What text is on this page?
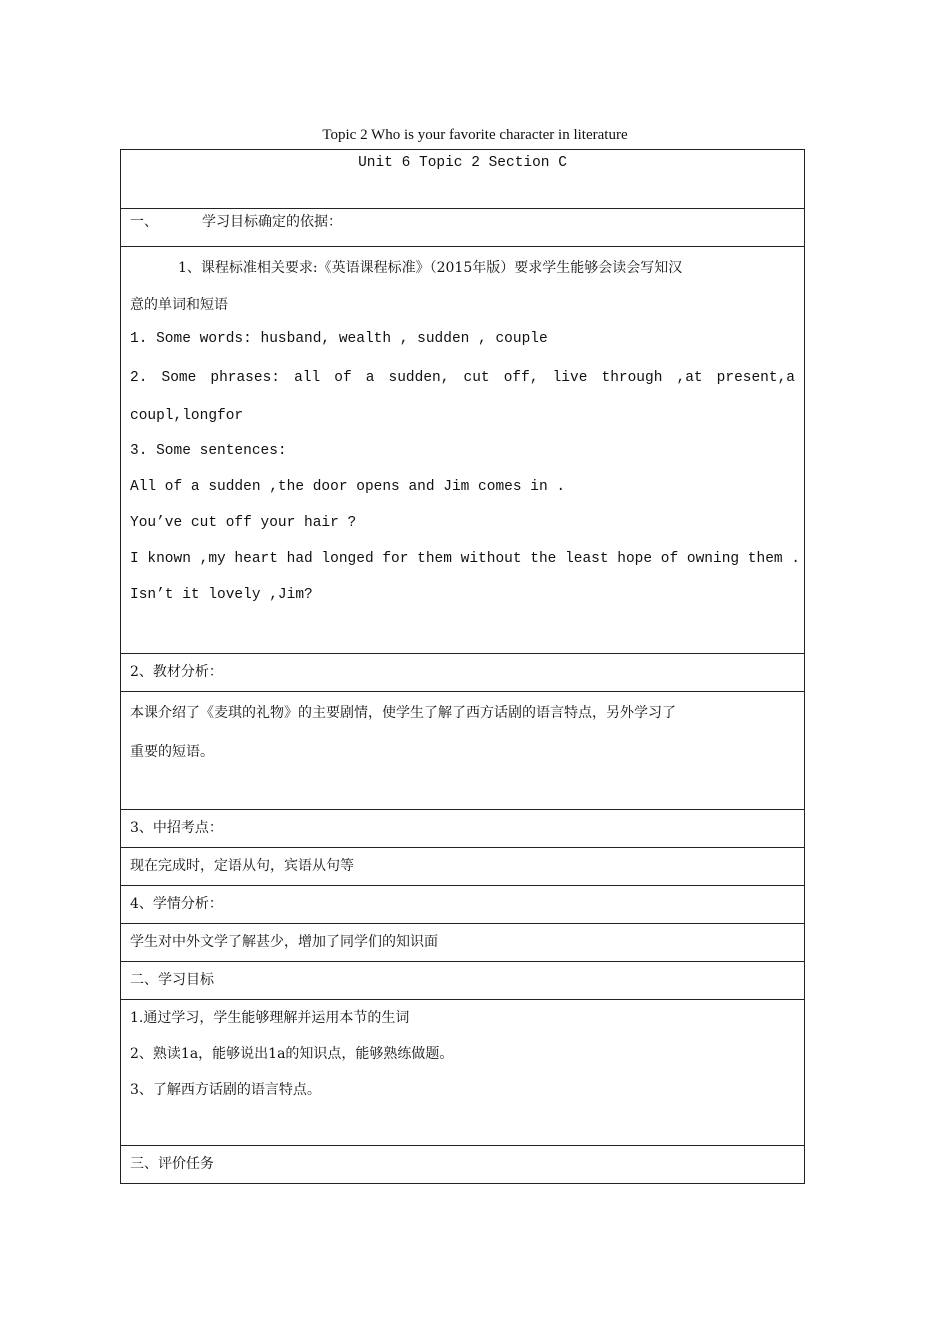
Topic 2 Who is your favorite character in literature
Unit 6 Topic 2 Section C

一、	学习目标确定的依据：

1、课程标准相关要求:《英语课程标准》（2015年版）要求学生能够会读会写知汉
意的单词和短语
1. Some words: husband, wealth , sudden , couple
2. Some phrases: all of a sudden, cut off, live through ,at present,a
coupl,longfor
3. Some sentences:
All of a sudden ,the door opens and Jim comes in .
You’ve cut off your hair ?
I known ,my heart had longed for them without the least hope of owning them .
Isn’t it lovely ,Jim?

2、教材分析：

本课介绍了《麦琪的礼物》的主要剧情，使学生了解了西方话剧的语言特点，另外学习了
重要的短语。

3、中招考点：

现在完成时，定语从句，宾语从句等

4、学情分析：

学生对中外文学了解甚少，增加了同学们的知识面

二、学习目标

1.通过学习，学生能够理解并运用本节的生词
2、熟读1a，能够说出1a的知识点，能够熟练做题。
3、了解西方话剧的语言特点。

三、评价任务
